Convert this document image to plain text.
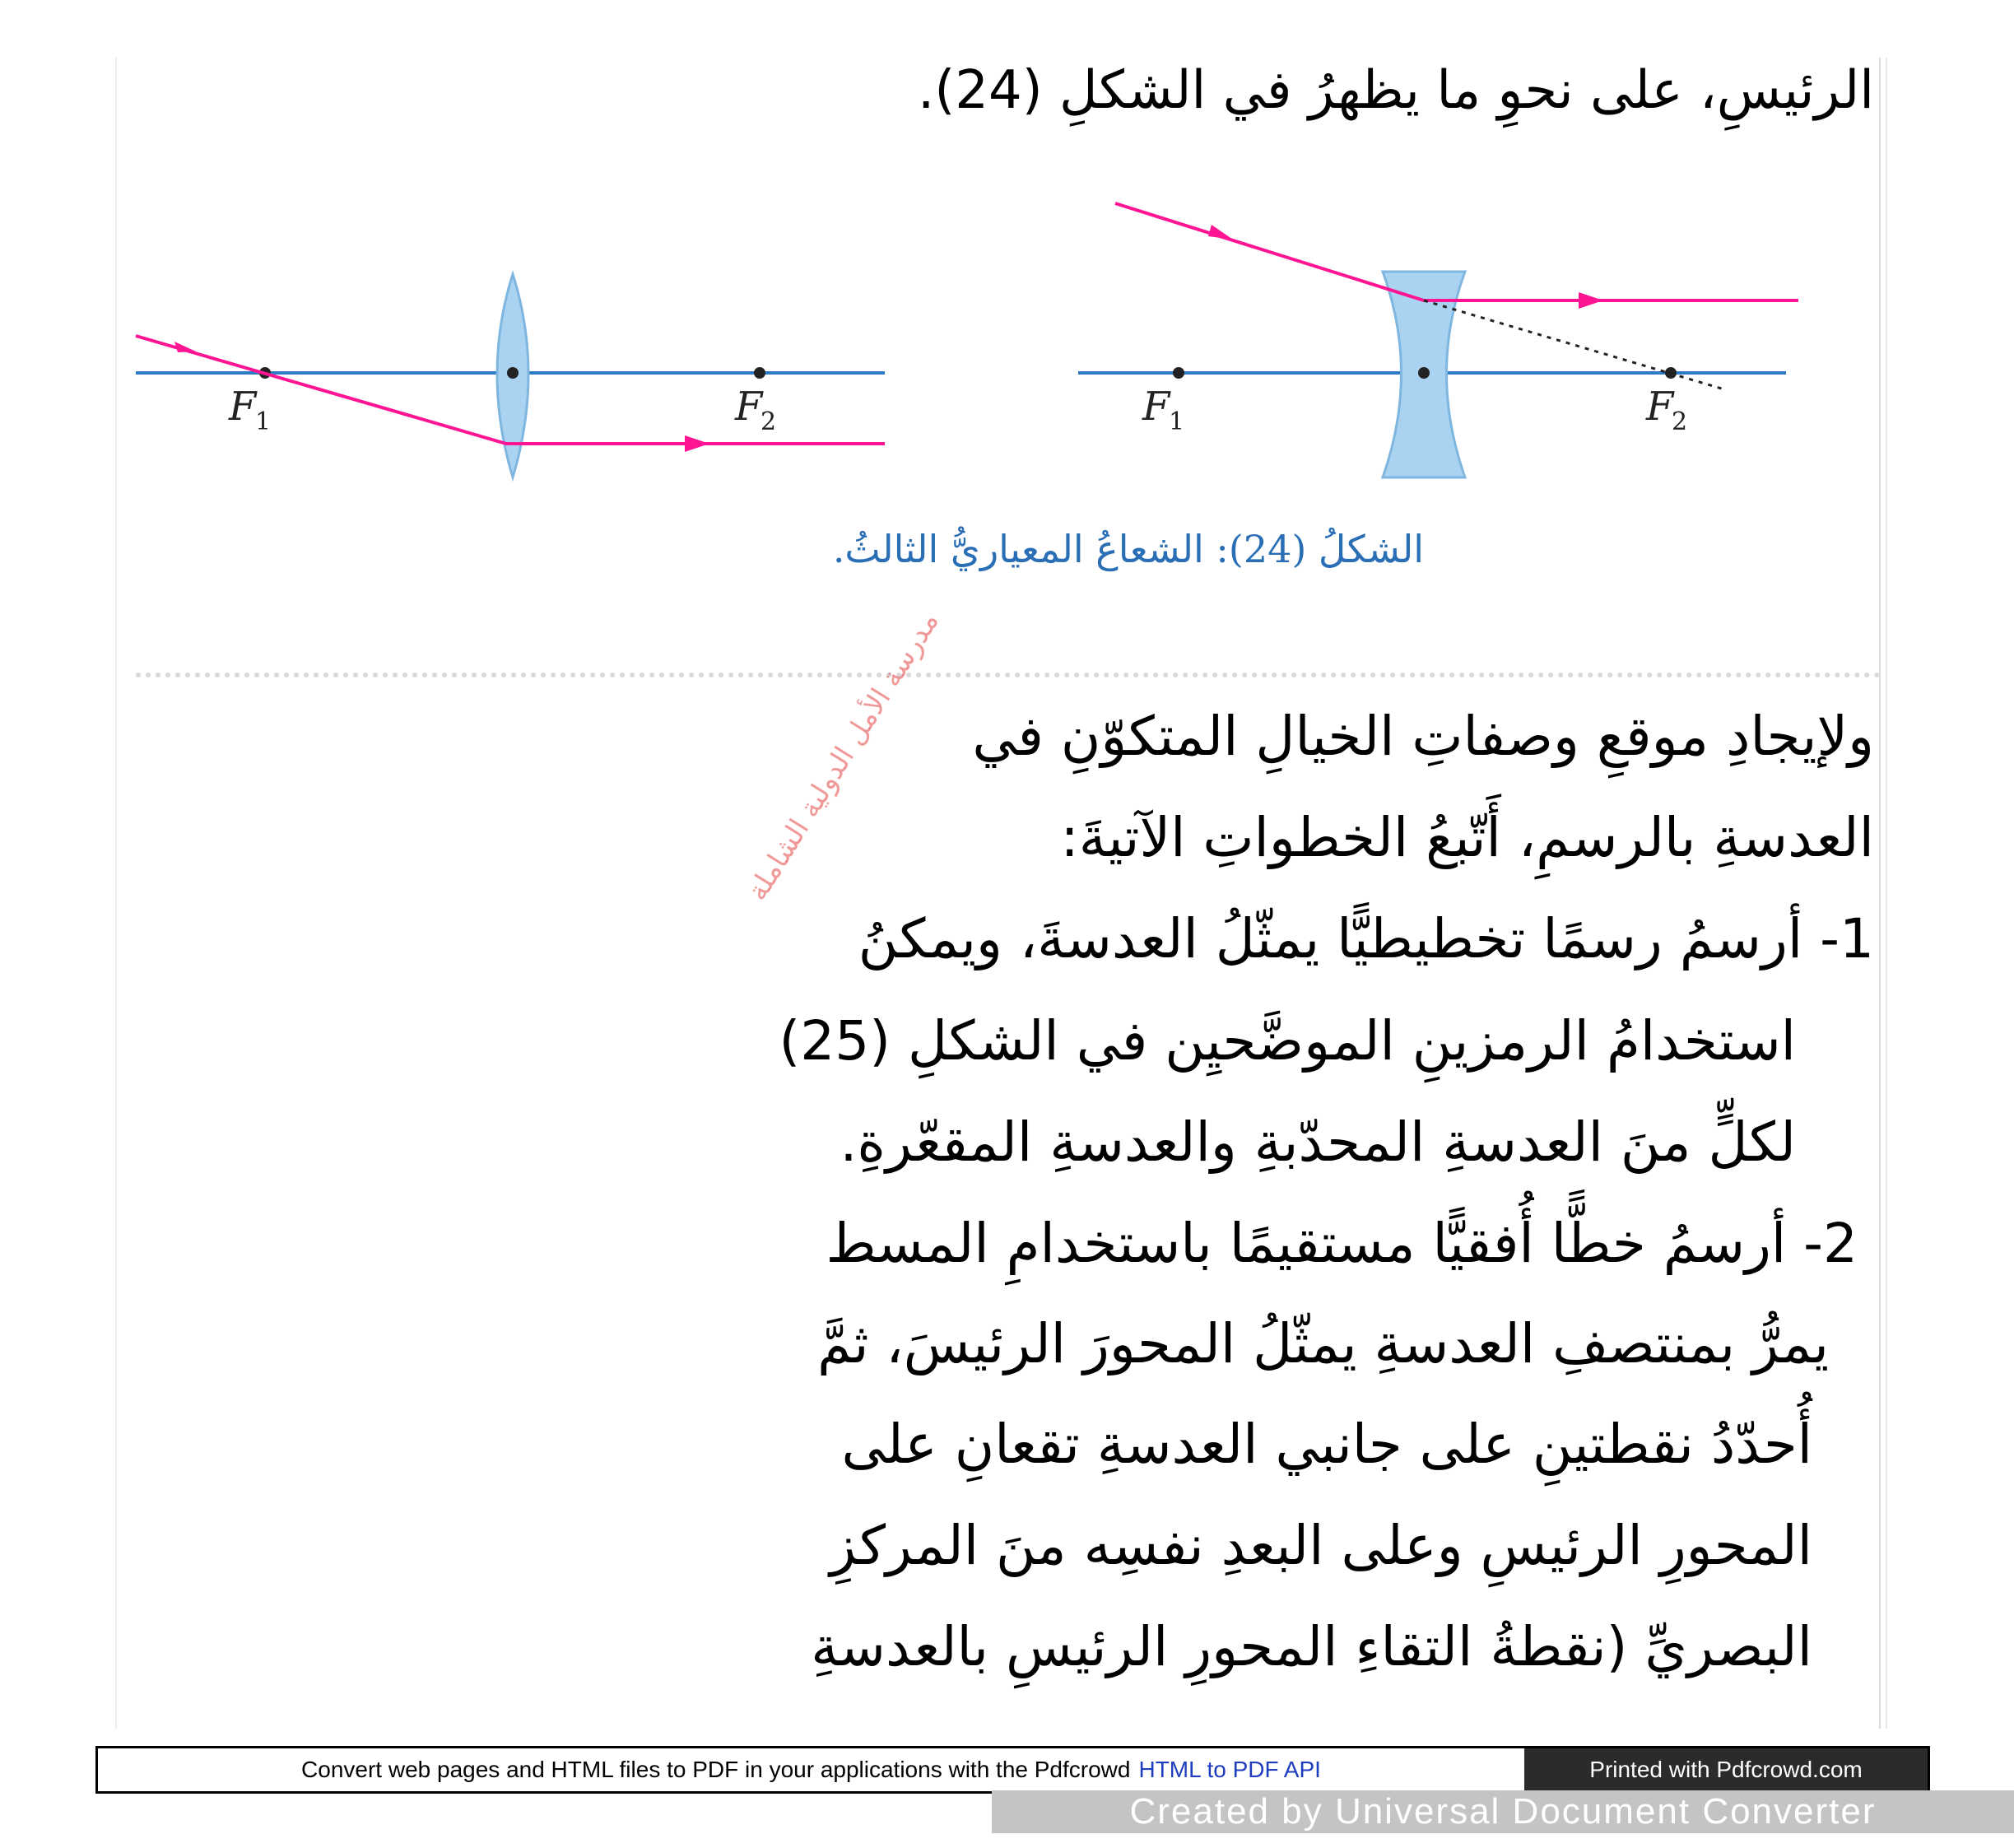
الرئيسِ، على نحوِ ما يظهرُ في الشكلِ (24).
F
1	F
2	F
1	F
2
الشكلُ (24): الشعاعُ المعياريُّ الثالثُ.
مدرسة الأمل الدولية الشاملة ولإيجادِ موقعِ وصفاتِ الخيالِ المتكوّنِ في
العدسةِ بالرسمِ، أَتّبعُ الخطواتِ الآتيةَ:
1- أرسمُ رسمًا تخطيطيًّا يمثّلُ العدسةَ، ويمكنُ
استخدامُ الرمزينِ الموضَّحيِن في الشكلِ (25)
لكلٍّ منَ العدسةِ المحدّبةِ والعدسةِ المقعّرةِ.
2- أرسمُ خطًّا أُفقيًّا مستقيمًا باستخدامِ المسط
يمرُّ بمنتصفِ العدسةِ يمثّلُ المحورَ الرئيسَ، ثمَّ
أُحدّدُ نقطتينِ على جانبي العدسةِ تقعانِ على
المحورِ الرئيسِ وعلى البعدِ نفسِه منَ المركزِ
البصريِّ (نقطةُ التقاءِ المحورِ الرئيسِ بالعدسةِ
Convert web pages and HTML files to PDF in your applications with the Pdfcrowd HTML to PDF API	Printed with Pdfcrowd.com
Created by Universal Document Converter
